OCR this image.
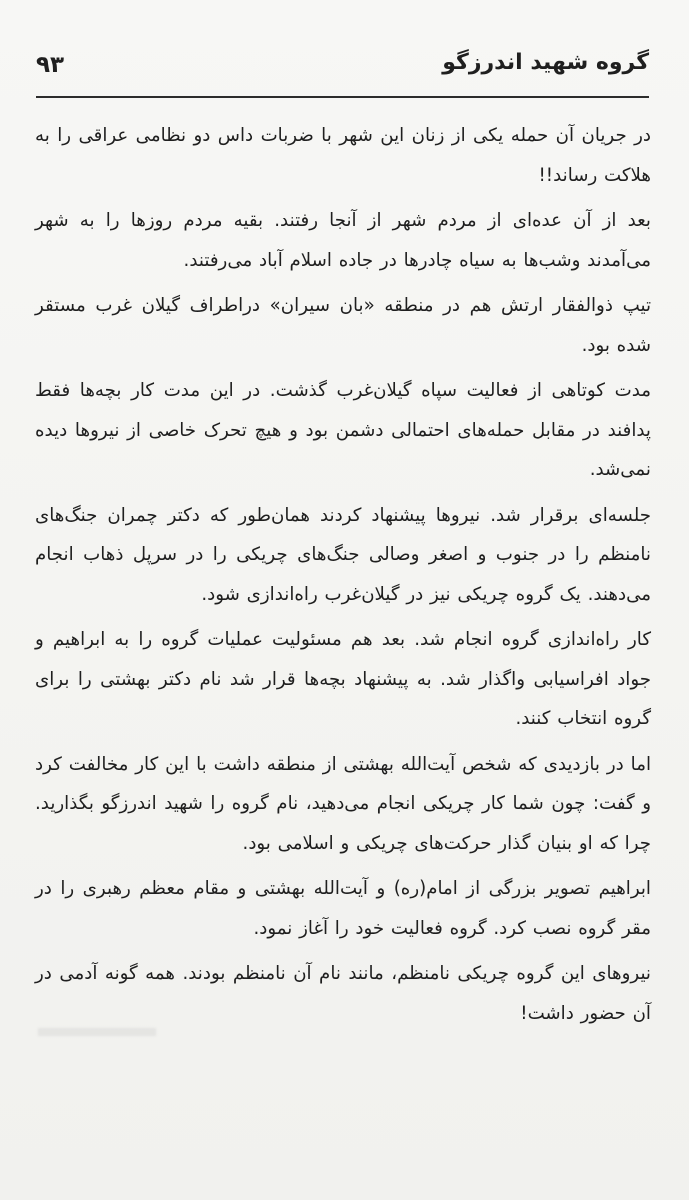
گروه شهید اندرزگو
۹۳

در جریان آن حمله یکی از زنان این شهر با ضربات داس دو نظامی عراقی را به هلاکت رساند!!

بعد از آن عده‌ای از مردم شهر از آنجا رفتند. بقیه مردم روزها را به شهر می‌آمدند وشب‌ها به سیاه چادرها در جاده اسلام آباد می‌رفتند.

تیپ ذوالفقار ارتش هم در منطقه «بان سیران» دراطراف گیلان غرب مستقر شده بود.

مدت کوتاهی از فعالیت سپاه گیلان‌غرب گذشت. در این مدت کار بچه‌ها فقط پدافند در مقابل حمله‌های احتمالی دشمن بود و هیچ تحرک خاصی از نیروها دیده نمی‌شد.

جلسه‌ای برقرار شد. نیروها پیشنهاد کردند همان‌طور که دکتر چمران جنگ‌های نامنظم را در جنوب و اصغر وصالی جنگ‌های چریکی را در سرپل ذهاب انجام می‌دهند. یک گروه چریکی نیز در گیلان‌غرب راه‌اندازی شود.

کار راه‌اندازی گروه انجام شد. بعد هم مسئولیت عملیات گروه را به ابراهیم و جواد افراسیابی واگذار شد. به پیشنهاد بچه‌ها قرار شد نام دکتر بهشتی را برای گروه انتخاب کنند.

اما در بازدیدی که شخص آیت‌الله بهشتی از منطقه داشت با این کار مخالفت کرد و گفت: چون شما کار چریکی انجام می‌دهید، نام گروه را شهید اندرزگو بگذارید. چرا که او بنیان گذار حرکت‌های چریکی و اسلامی بود.

ابراهیم تصویر بزرگی از امام(ره) و آیت‌الله بهشتی و مقام معظم رهبری را در مقر گروه نصب کرد. گروه فعالیت خود را آغاز نمود.

نیروهای این گروه چریکی نامنظم، مانند نام آن نامنظم بودند. همه گونه آدمی در آن حضور داشت!
